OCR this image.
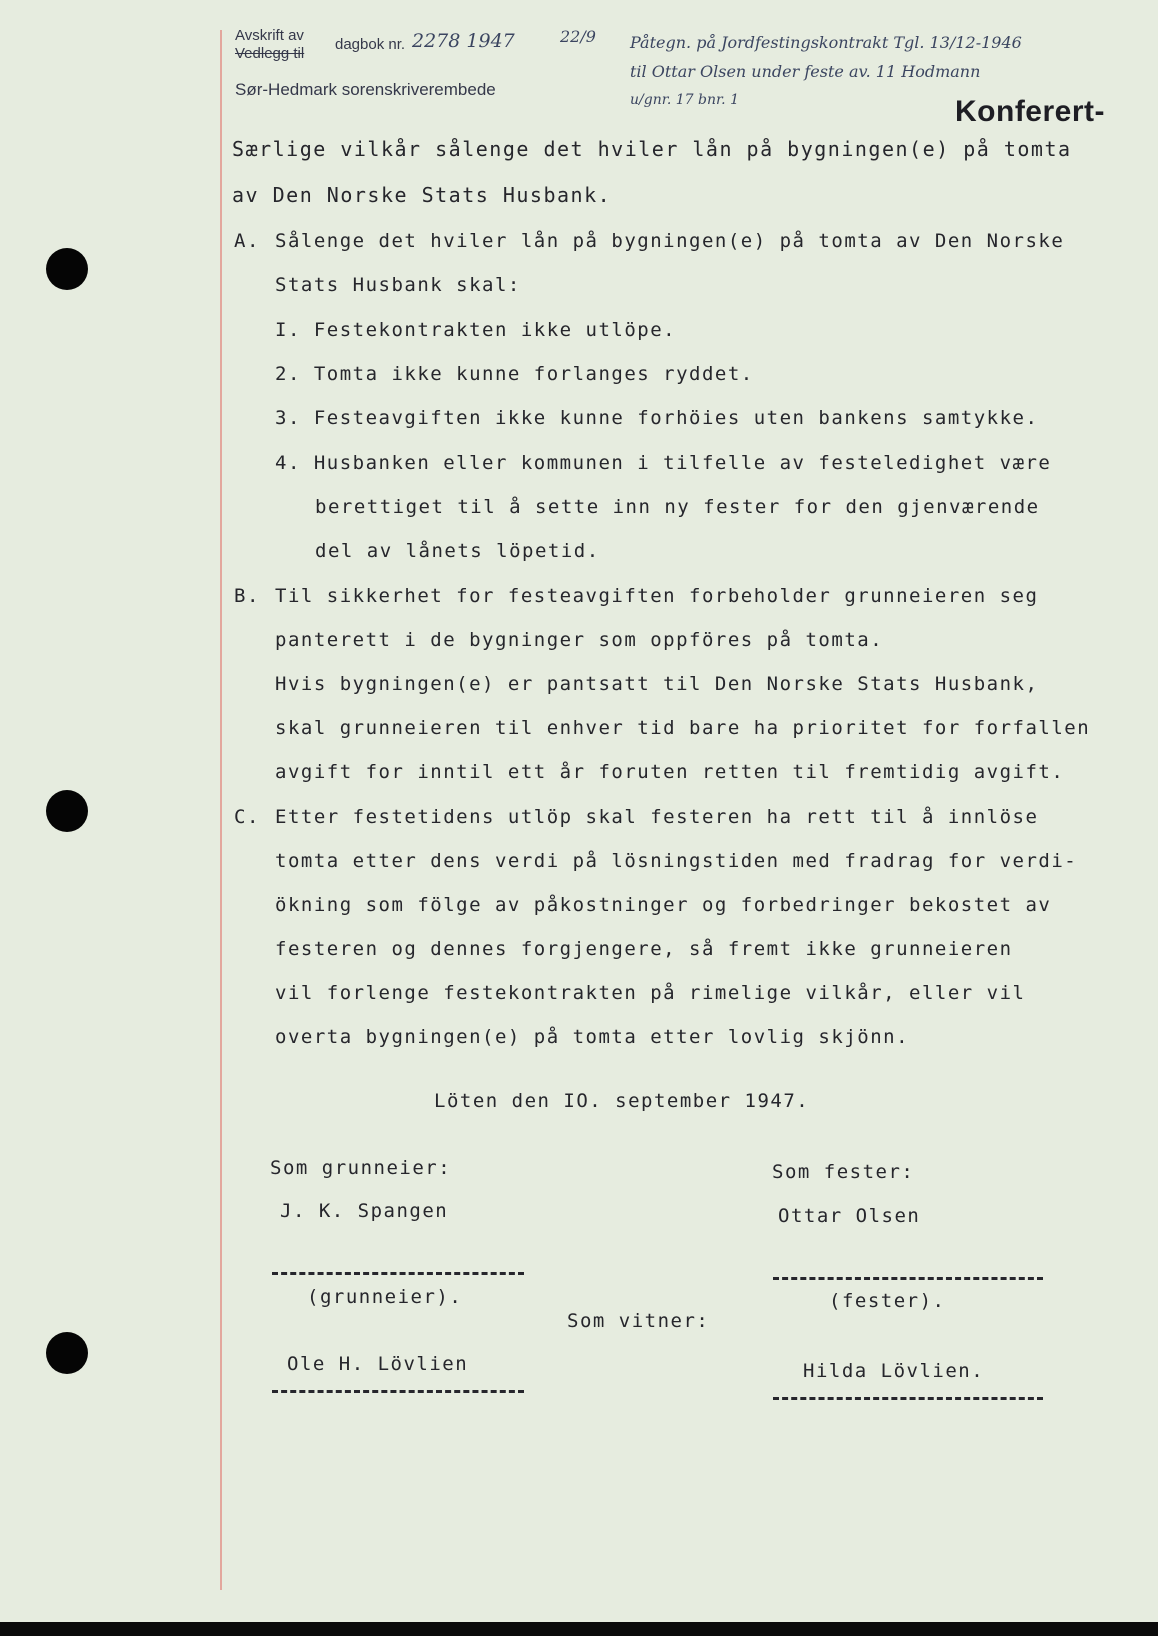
Avskrift av
Vedlegg til
dagbok nr.
Sør-Hedmark sorenskriverembede
2278 1947	22/9 Påtegn. på Jordfestingskontrakt Tgl. 13/12-1946
til Ottar Olsen under feste av. 11 Hodmann
u/gnr. 17 bnr. 1	Konferert-
Særlige vilkår sålenge det hviler lån på bygningen(e) på tomta
av Den Norske Stats Husbank.
A. Sålenge det hviler lån på bygningen(e) på tomta av Den Norske
Stats Husbank skal:
I. Festekontrakten ikke utlöpe.
2. Tomta ikke kunne forlanges ryddet.
3. Festeavgiften ikke kunne forhöies uten bankens samtykke.
4. Husbanken eller kommunen i tilfelle av festeledighet være
berettiget til å sette inn ny fester for den gjenværende
del av lånets löpetid.
B. Til sikkerhet for festeavgiften forbeholder grunneieren seg
panterett i de bygninger som oppföres på tomta.
Hvis bygningen(e) er pantsatt til Den Norske Stats Husbank,
skal grunneieren til enhver tid bare ha prioritet for forfallen
avgift for inntil ett år foruten retten til fremtidig avgift.
C. Etter festetidens utlöp skal festeren ha rett til å innlöse
tomta etter dens verdi på lösningstiden med fradrag for verdi-
ökning som fölge av påkostninger og forbedringer bekostet av
festeren og dennes forgjengere, så fremt ikke grunneieren
vil forlenge festekontrakten på rimelige vilkår, eller vil
overta bygningen(e) på tomta etter lovlig skjönn.
Löten den IO. september 1947.
Som grunneier:
J. K. Spangen
(grunneier).
Som fester:
Ottar Olsen
(fester).
Som vitner:
Ole H. Lövlien	Hilda Lövlien.
